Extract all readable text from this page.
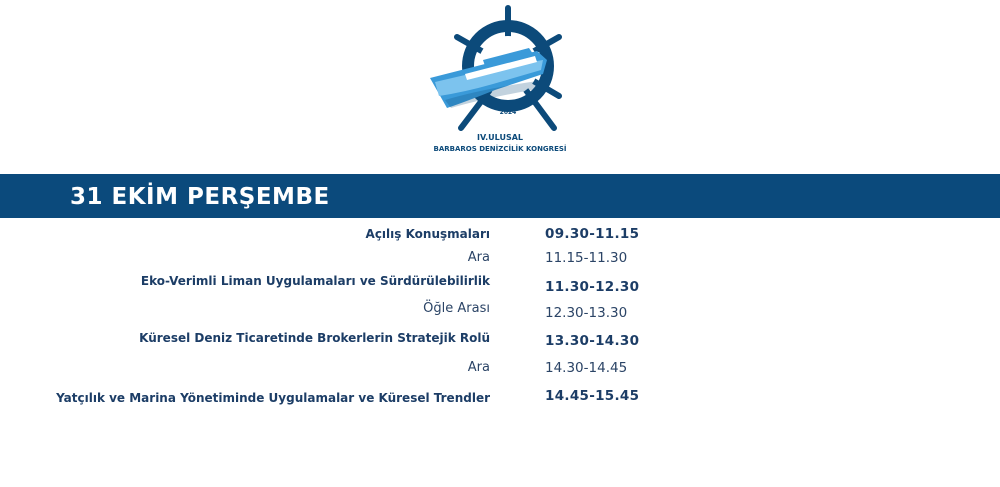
2024
IV.ULUSAL
BARBAROS DENİZCİLİK KONGRESİ
31 EKİM PERŞEMBE
Açılış Konuşmaları	09.30-11.15
Ara	11.15-11.30
Eko-Verimli Liman Uygulamaları ve Sürdürülebilirlik	11.30-12.30
Öğle Arası	12.30-13.30
Küresel Deniz Ticaretinde Brokerlerin Stratejik Rolü	13.30-14.30
Ara	14.30-14.45
Yatçılık ve Marina Yönetiminde Uygulamalar ve Küresel Trendler	14.45-15.45
